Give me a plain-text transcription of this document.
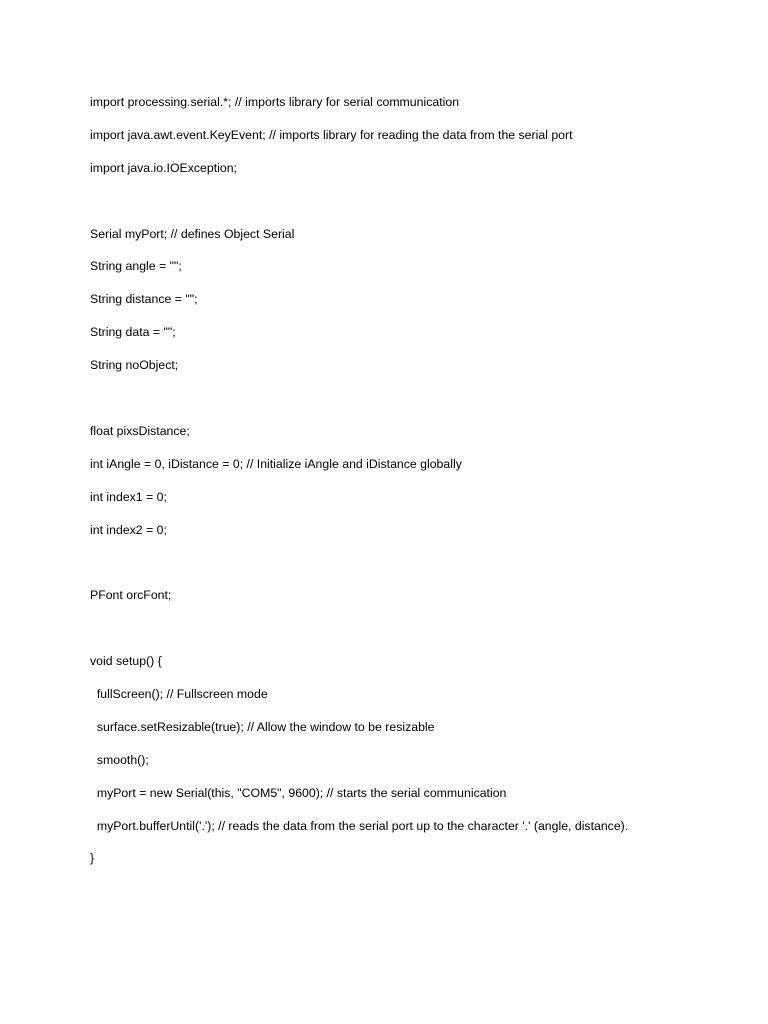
import processing.serial.*; // imports library for serial communication
import java.awt.event.KeyEvent; // imports library for reading the data from the serial port
import java.io.IOException;
Serial myPort; // defines Object Serial
String angle = "";
String distance = "";
String data = "";
String noObject;
float pixsDistance;
int iAngle = 0, iDistance = 0; // Initialize iAngle and iDistance globally
int index1 = 0;
int index2 = 0;
PFont orcFont;
void setup() {
fullScreen(); // Fullscreen mode
surface.setResizable(true); // Allow the window to be resizable
smooth();
myPort = new Serial(this, "COM5", 9600); // starts the serial communication
myPort.bufferUntil('.'); // reads the data from the serial port up to the character '.' (angle, distance).
}
